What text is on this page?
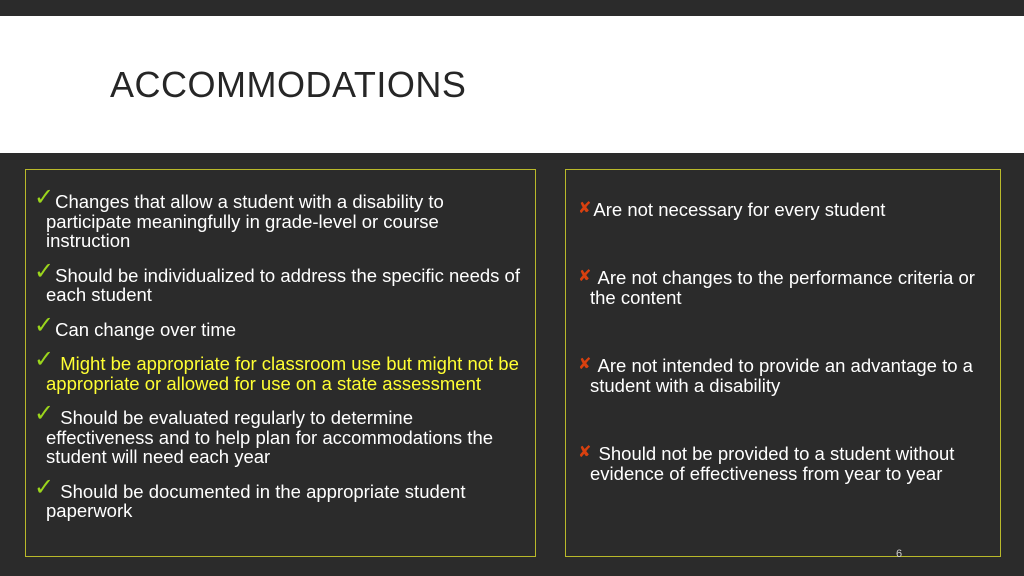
ACCOMMODATIONS
✓Changes that allow a student with a disability to participate meaningfully in grade-level or course instruction
✓Should be individualized to address the specific needs of each student
✓Can change over time
✓ Might be appropriate for classroom use but might not be appropriate or allowed for use on a state assessment
✓ Should be evaluated regularly to determine effectiveness and to help plan for accommodations the student will need each year
✓ Should be documented in the appropriate student paperwork
✘ Are not necessary for every student
✘ Are not changes to the performance criteria or the content
✘ Are not intended to provide an advantage to a student with a disability
✘ Should not be provided to a student without evidence of effectiveness from year to year
6
